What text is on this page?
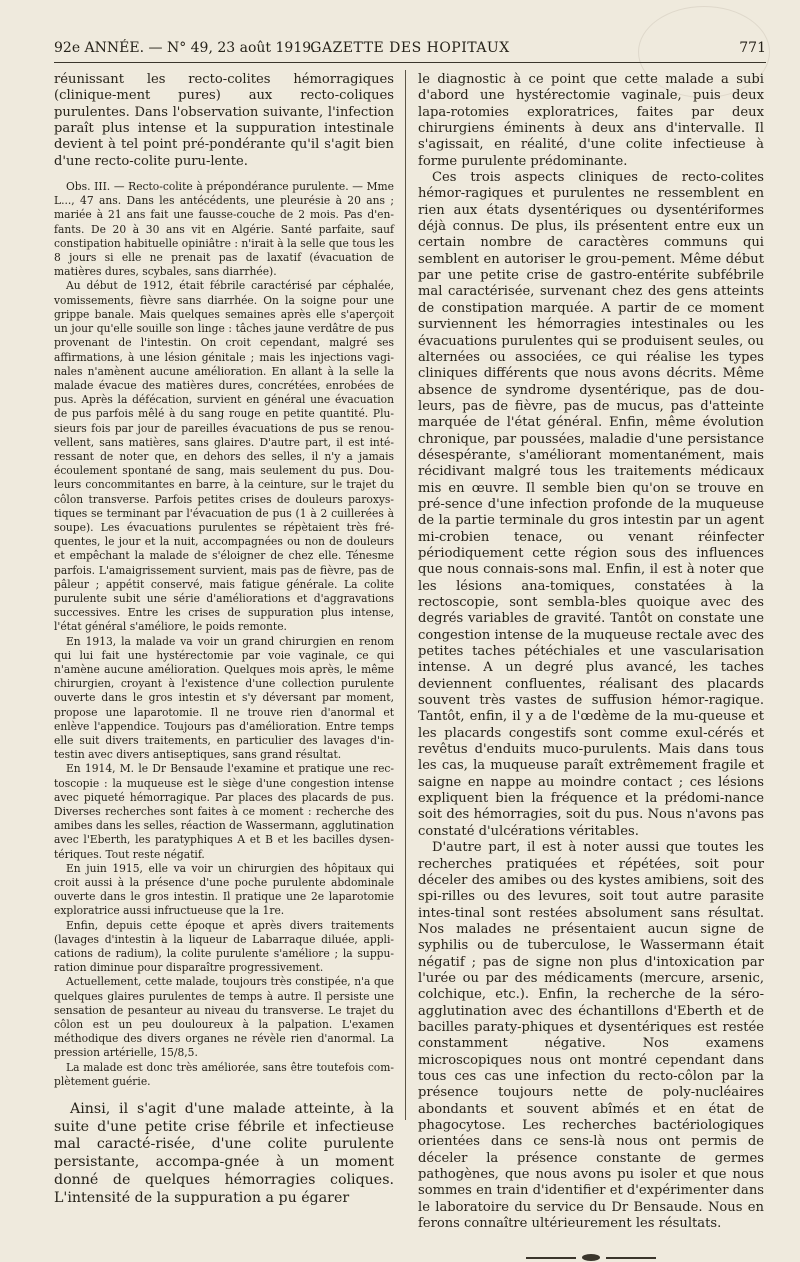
92e ANNÉE. — N° 49, 23 août 1919.
GAZETTE DES HOPITAUX	771

réunissant les recto-colites hémorragiques (clinique-ment pures) aux recto-coliques purulentes. Dans l'observation suivante, l'infection paraît plus intense et la suppuration intestinale devient à tel point pré-pondérante qu'il s'agit bien d'une recto-colite puru-lente.

Obs. III. — Recto-colite à prépondérance purulente. — Mme L..., 47 ans. Dans les antécédents, une pleurésie à 20 ans ; mariée à 21 ans fait une fausse-couche de 2 mois. Pas d'en-fants. De 20 à 30 ans vit en Algérie. Santé parfaite, sauf constipation habituelle opiniâtre : n'irait à la selle que tous les 8 jours si elle ne prenait pas de laxatif (évacuation de matières dures, scybales, sans diarrhée).

Au début de 1912, était fébrile caractérisé par céphalée, vomissements, fièvre sans diarrhée. On la soigne pour une grippe banale. Mais quelques semaines après elle s'aperçoit un jour qu'elle souille son linge : tâches jaune verdâtre de pus provenant de l'intestin. On croit cependant, malgré ses affirmations, à une lésion génitale ; mais les injections vagi-nales n'amènent aucune amélioration. En allant à la selle la malade évacue des matières dures, concrétées, enrobées de pus. Après la défécation, survient en général une évacuation de pus parfois mêlé à du sang rouge en petite quantité. Plu-sieurs fois par jour de pareilles évacuations de pus se renou-vellent, sans matières, sans glaires. D'autre part, il est inté-ressant de noter que, en dehors des selles, il n'y a jamais écoulement spontané de sang, mais seulement du pus. Dou-leurs concommitantes en barre, à la ceinture, sur le trajet du côlon transverse. Parfois petites crises de douleurs paroxys-tiques se terminant par l'évacuation de pus (1 à 2 cuillerées à soupe). Les évacuations purulentes se répètaient très fré-quentes, le jour et la nuit, accompagnées ou non de douleurs et empêchant la malade de s'éloigner de chez elle. Ténesme parfois. L'amaigrissement survient, mais pas de fièvre, pas de pâleur ; appétit conservé, mais fatigue générale. La colite purulente subit une série d'améliorations et d'aggravations successives. Entre les crises de suppuration plus intense, l'état général s'améliore, le poids remonte.

En 1913, la malade va voir un grand chirurgien en renom qui lui fait une hystérectomie par voie vaginale, ce qui n'amène aucune amélioration. Quelques mois après, le même chirurgien, croyant à l'existence d'une collection purulente ouverte dans le gros intestin et s'y déversant par moment, propose une laparotomie. Il ne trouve rien d'anormal et enlève l'appendice. Toujours pas d'amélioration. Entre temps elle suit divers traitements, en particulier des lavages d'in-testin avec divers antiseptiques, sans grand résultat.

En 1914, M. le Dr Bensaude l'examine et pratique une rec-toscopie : la muqueuse est le siège d'une congestion intense avec piqueté hémorragique. Par places des placards de pus. Diverses recherches sont faites à ce moment : recherche des amibes dans les selles, réaction de Wassermann, agglutination avec l'Eberth, les paratyphiques A et B et les bacilles dysen-tériques. Tout reste négatif.

En juin 1915, elle va voir un chirurgien des hôpitaux qui croit aussi à la présence d'une poche purulente abdominale ouverte dans le gros intestin. Il pratique une 2e laparotomie exploratrice aussi infructueuse que la 1re.

Enfin, depuis cette époque et après divers traitements (lavages d'intestin à la liqueur de Labarraque diluée, appli-cations de radium), la colite purulente s'améliore ; la suppu-ration diminue pour disparaître progressivement.

Actuellement, cette malade, toujours très constipée, n'a que quelques glaires purulentes de temps à autre. Il persiste une sensation de pesanteur au niveau du transverse. Le trajet du côlon est un peu douloureux à la palpation. L'examen méthodique des divers organes ne révèle rien d'anormal. La pression artérielle, 15/8,5.

La malade est donc très améliorée, sans être toutefois com-plètement guérie.

Ainsi, il s'agit d'une malade atteinte, à la suite d'une petite crise fébrile et infectieuse mal caracté-risée, d'une colite purulente persistante, accompa-gnée à un moment donné de quelques hémorragies coliques. L'intensité de la suppuration a pu égarer

le diagnostic à ce point que cette malade a subi d'abord une hystérectomie vaginale, puis deux lapa-rotomies exploratrices, faites par deux chirurgiens éminents à deux ans d'intervalle. Il s'agissait, en réalité, d'une colite infectieuse à forme purulente prédominante.

Ces trois aspects cliniques de recto-colites hémor-ragiques et purulentes ne ressemblent en rien aux états dysentériques ou dysentériformes déjà connus. De plus, ils présentent entre eux un certain nombre de caractères communs qui semblent en autoriser le grou-pement. Même début par une petite crise de gastro-entérite subfébrile mal caractérisée, survenant chez des gens atteints de constipation marquée. A partir de ce moment surviennent les hémorragies intestinales ou les évacuations purulentes qui se produisent seules, ou alternées ou associées, ce qui réalise les types cliniques différents que nous avons décrits. Même absence de syndrome dysentérique, pas de dou-leurs, pas de fièvre, pas de mucus, pas d'atteinte marquée de l'état général. Enfin, même évolution chronique, par poussées, maladie d'une persistance désespérante, s'améliorant momentanément, mais récidivant malgré tous les traitements médicaux mis en œuvre. Il semble bien qu'on se trouve en pré-sence d'une infection profonde de la muqueuse de la partie terminale du gros intestin par un agent mi-crobien tenace, ou venant réinfecter périodiquement cette région sous des influences que nous connais-sons mal. Enfin, il est à noter que les lésions ana-tomiques, constatées à la rectoscopie, sont sembla-bles quoique avec des degrés variables de gravité. Tantôt on constate une congestion intense de la muqueuse rectale avec des petites taches pétéchiales et une vascularisation intense. A un degré plus avancé, les taches deviennent confluentes, réalisant des placards souvent très vastes de suffusion hémor-ragique. Tantôt, enfin, il y a de l'œdème de la mu-queuse et les placards congestifs sont comme exul-cérés et revêtus d'enduits muco-purulents. Mais dans tous les cas, la muqueuse paraît extrêmement fragile et saigne en nappe au moindre contact ; ces lésions expliquent bien la fréquence et la prédomi-nance soit des hémorragies, soit du pus. Nous n'avons pas constaté d'ulcérations véritables.

D'autre part, il est à noter aussi que toutes les recherches pratiquées et répétées, soit pour déceler des amibes ou des kystes amibiens, soit des spi-rilles ou des levures, soit tout autre parasite intes-tinal sont restées absolument sans résultat. Nos malades ne présentaient aucun signe de syphilis ou de tuberculose, le Wassermann était négatif ; pas de signe non plus d'intoxication par l'urée ou par des médicaments (mercure, arsenic, colchique, etc.). Enfin, la recherche de la séro-agglutination avec des échantillons d'Eberth et de bacilles paraty-phiques et dysentériques est restée constamment négative. Nos examens microscopiques nous ont montré cependant dans tous ces cas une infection du recto-côlon par la présence toujours nette de poly-nucléaires abondants et souvent abîmés et en état de phagocytose. Les recherches bactériologiques orientées dans ce sens-là nous ont permis de déceler la présence constante de germes pathogènes, que nous avons pu isoler et que nous sommes en train d'identifier et d'expérimenter dans le laboratoire du service du Dr Bensaude. Nous en ferons connaître ultérieurement les résultats.
